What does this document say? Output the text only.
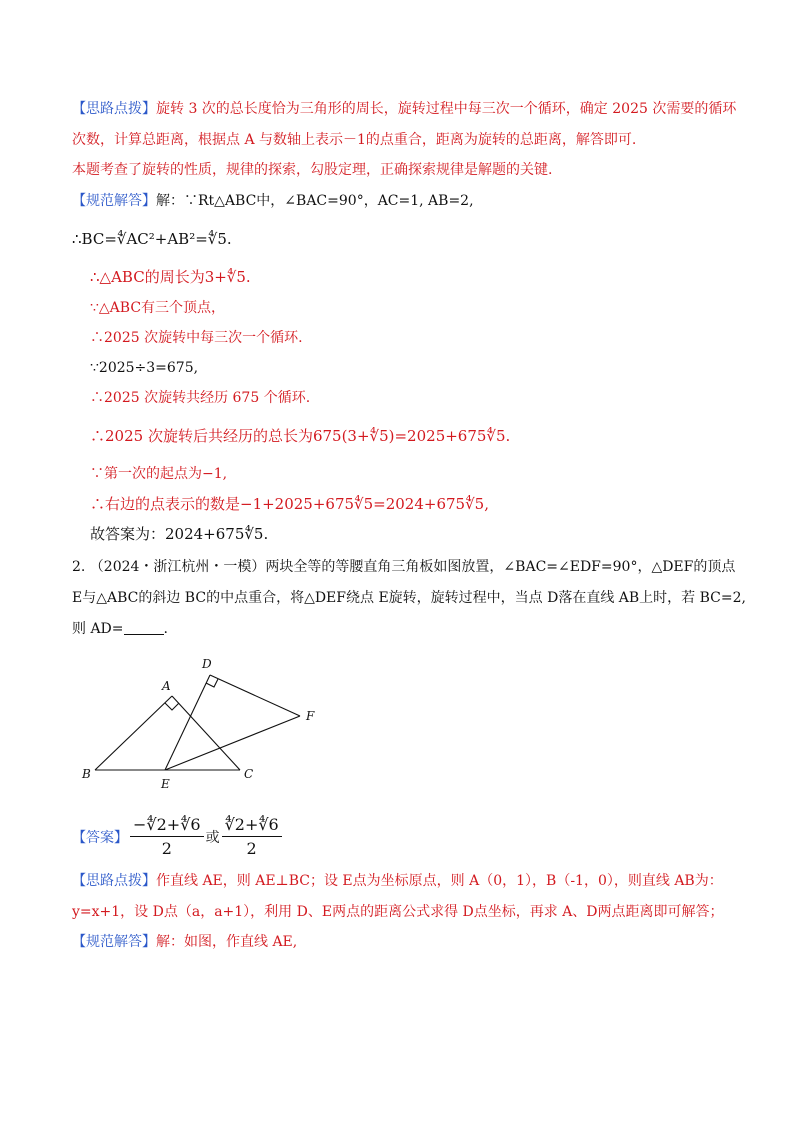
【思路点拨】旋转 3 次的总长度恰为三角形的周长，旋转过程中每三次一个循环，确定 2025 次需要的循环
次数，计算总距离，根据点 A 与数轴上表示－1的点重合，距离为旋转的总距离，解答即可.
本题考查了旋转的性质，规律的探索，勾股定理，正确探索规律是解题的关键.
【规范解答】解：∵Rt△ABC中，∠BAC=90°，AC=1, AB=2,
∴BC=∜AC²+AB²=∜5.
∴△ABC的周长为3+∜5.
∵△ABC有三个顶点，
∴2025 次旋转中每三次一个循环.
∵2025÷3=675,
∴2025 次旋转共经历 675 个循环.
∴2025 次旋转后共经历的总长为675(3+∜5)=2025+675∜5.
∵第一次的起点为−1,
∴右边的点表示的数是−1+2025+675∜5=2024+675∜5,
故答案为：2024+675∜5.
2. （2024・浙江杭州・一模）两块全等的等腰直角三角板如图放置，∠BAC=∠EDF=90°，△DEF的顶点
E与△ABC的斜边 BC的中点重合，将△DEF绕点 E旋转，旋转过程中，当点 D落在直线 AB上时，若 BC=2,
则 AD=	.
A
B	C
D
E
F
【答案】 $\frac{-∜2+∜6}{2}$ 或 $\frac{∜2+∜6}{2}$
【思路点拨】作直线 AE，则 AE⊥BC；设 E点为坐标原点，则 A（0，1），B（-1，0），则直线 AB为：
y=x+1，设 D点（a，a+1），利用 D、E两点的距离公式求得 D点坐标，再求 A、D两点距离即可解答；
【规范解答】解：如图，作直线 AE,
